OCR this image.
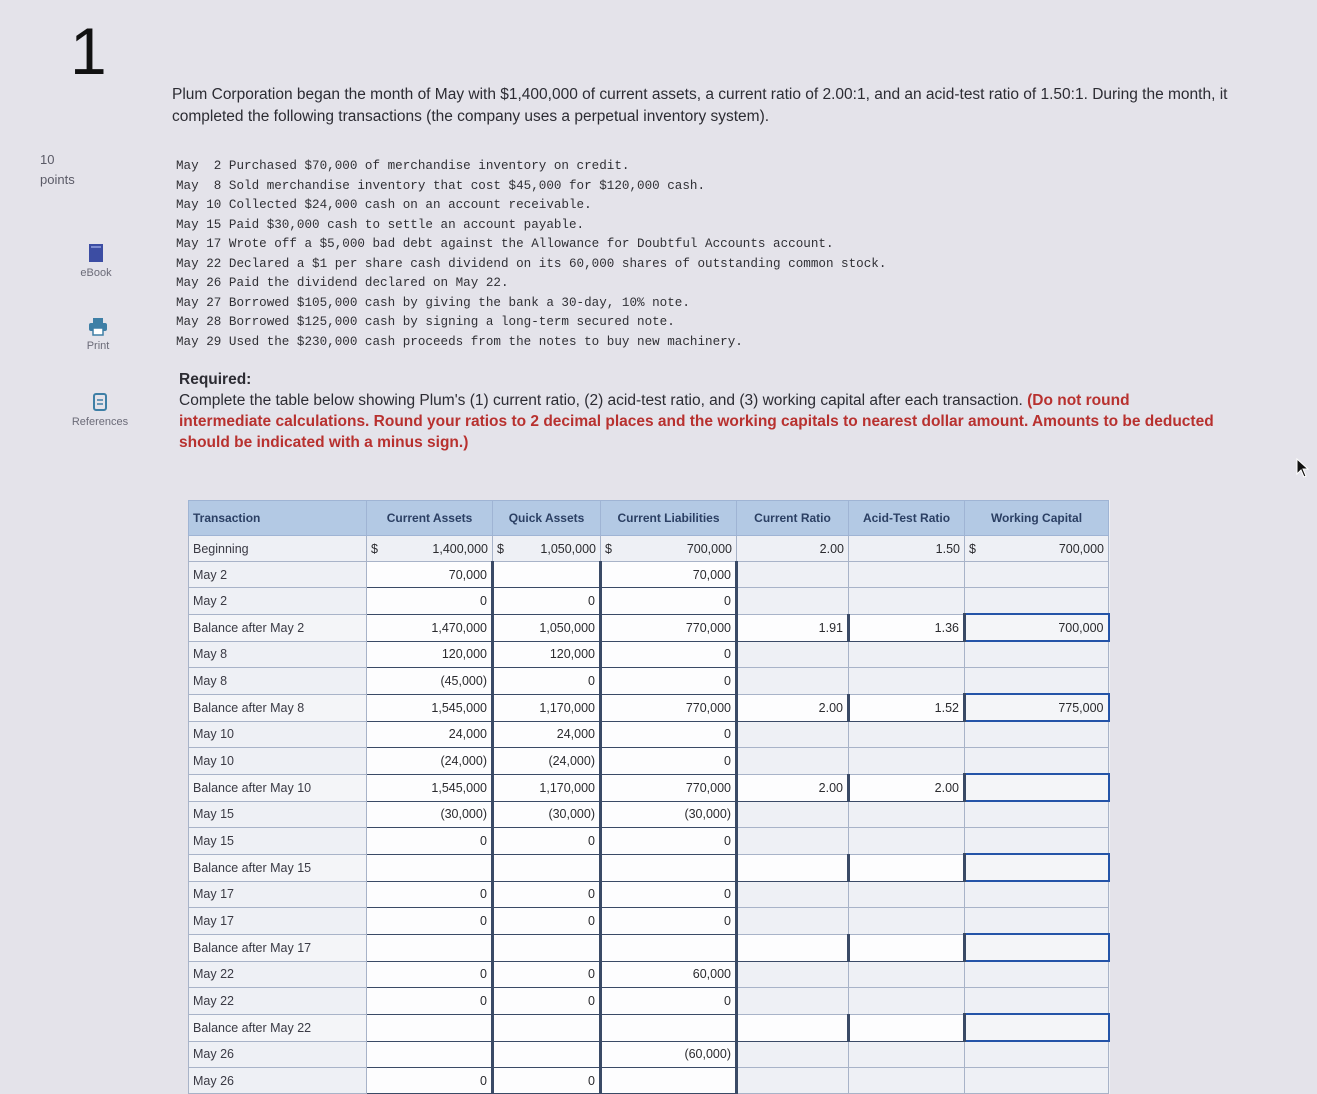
1
10
points
eBook
Print
References
Plum Corporation began the month of May with $1,400,000 of current assets, a current ratio of 2.00:1, and an acid-test ratio of 1.50:1. During the month, it completed the following transactions (the company uses a perpetual inventory system).
May  2 Purchased $70,000 of merchandise inventory on credit.
May  8 Sold merchandise inventory that cost $45,000 for $120,000 cash.
May 10 Collected $24,000 cash on an account receivable.
May 15 Paid $30,000 cash to settle an account payable.
May 17 Wrote off a $5,000 bad debt against the Allowance for Doubtful Accounts account.
May 22 Declared a $1 per share cash dividend on its 60,000 shares of outstanding common stock.
May 26 Paid the dividend declared on May 22.
May 27 Borrowed $105,000 cash by giving the bank a 30-day, 10% note.
May 28 Borrowed $125,000 cash by signing a long-term secured note.
May 29 Used the $230,000 cash proceeds from the notes to buy new machinery.
Required:
Complete the table below showing Plum's (1) current ratio, (2) acid-test ratio, and (3) working capital after each transaction. (Do not round intermediate calculations. Round your ratios to 2 decimal places and the working capitals to nearest dollar amount. Amounts to be deducted should be indicated with a minus sign.)
Transaction	Current Assets	Quick Assets	Current Liabilities	Current Ratio	Acid-Test Ratio	Working Capital
Beginning	$ 1,400,000	$ 1,050,000	$ 700,000	2.00	1.50	$ 700,000

May 2	70,000		70,000			
May 2	0	0	0			
Balance after May 2	1,470,000	1,050,000	770,000	1.91	1.36	700,000
May 8	120,000	120,000	0			
May 8	(45,000)	0	0			
Balance after May 8	1,545,000	1,170,000	770,000	2.00	1.52	775,000
May 10	24,000	24,000	0			
May 10	(24,000)	(24,000)	0			
Balance after May 10	1,545,000	1,170,000	770,000	2.00	2.00	
May 15	(30,000)	(30,000)	(30,000)			
May 15	0	0	0			
Balance after May 15						
May 17	0	0	0			
May 17	0	0	0			
Balance after May 17						
May 22	0	0	60,000			
May 22	0	0	0			
Balance after May 22						
May 26			(60,000)			
May 26	0	0				
